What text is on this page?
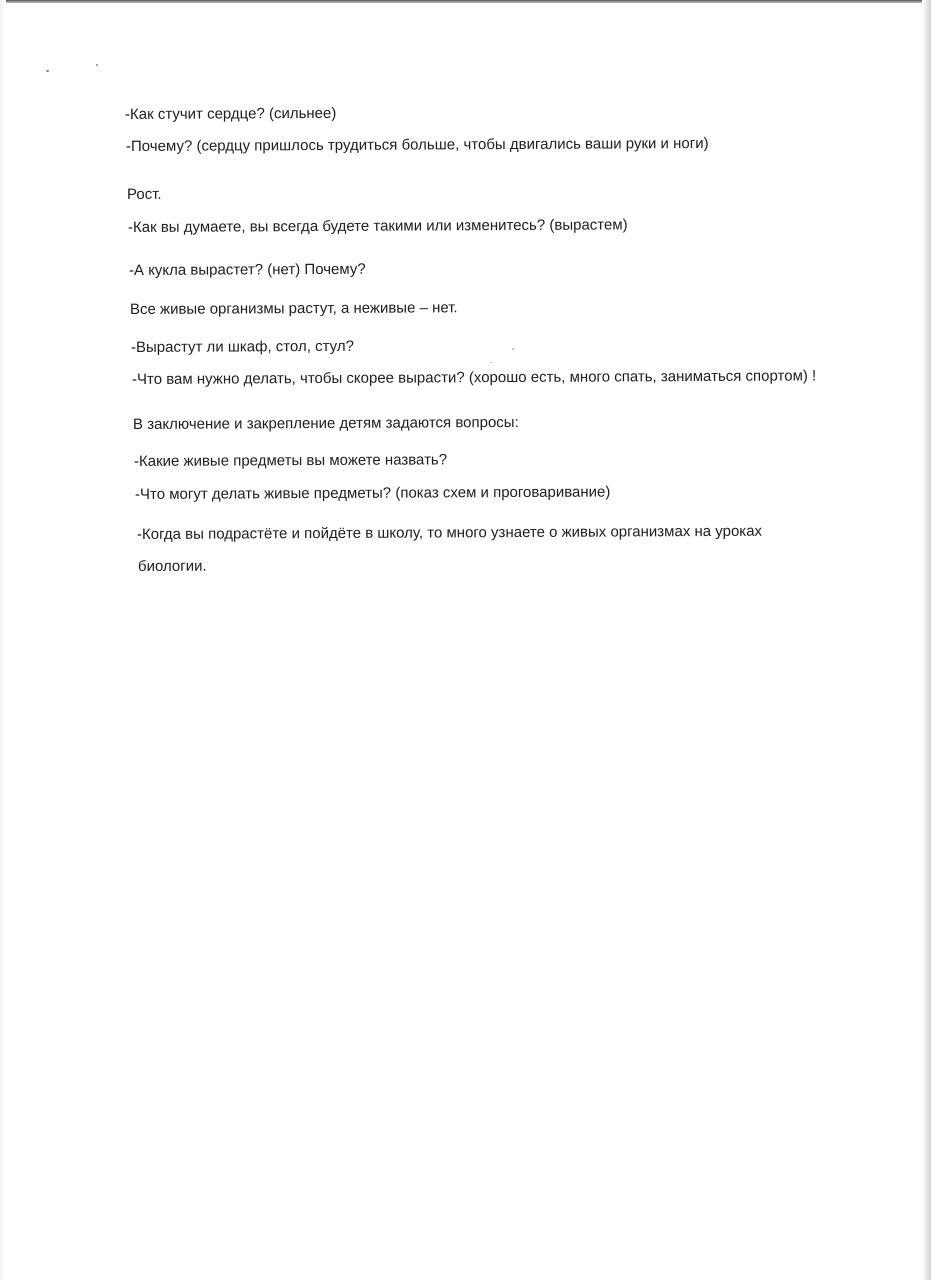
-Как стучит сердце? (сильнее)

-Почему? (сердцу пришлось трудиться больше, чтобы двигались ваши руки и ноги)

Рост.

-Как вы думаете, вы всегда будете такими или изменитесь? (вырастем)

-А кукла вырастет? (нет) Почему?

Все живые организмы растут, а неживые – нет.

-Вырастут ли шкаф, стол, стул?

-Что вам нужно делать, чтобы скорее вырасти? (хорошо есть, много спать, заниматься спортом) !

В заключение и закрепление детям задаются вопросы:

-Какие живые предметы вы можете назвать?

-Что могут делать живые предметы? (показ схем и проговаривание)

-Когда вы подрастёте и пойдёте в школу, то много узнаете о живых организмах на уроках

биологии.
